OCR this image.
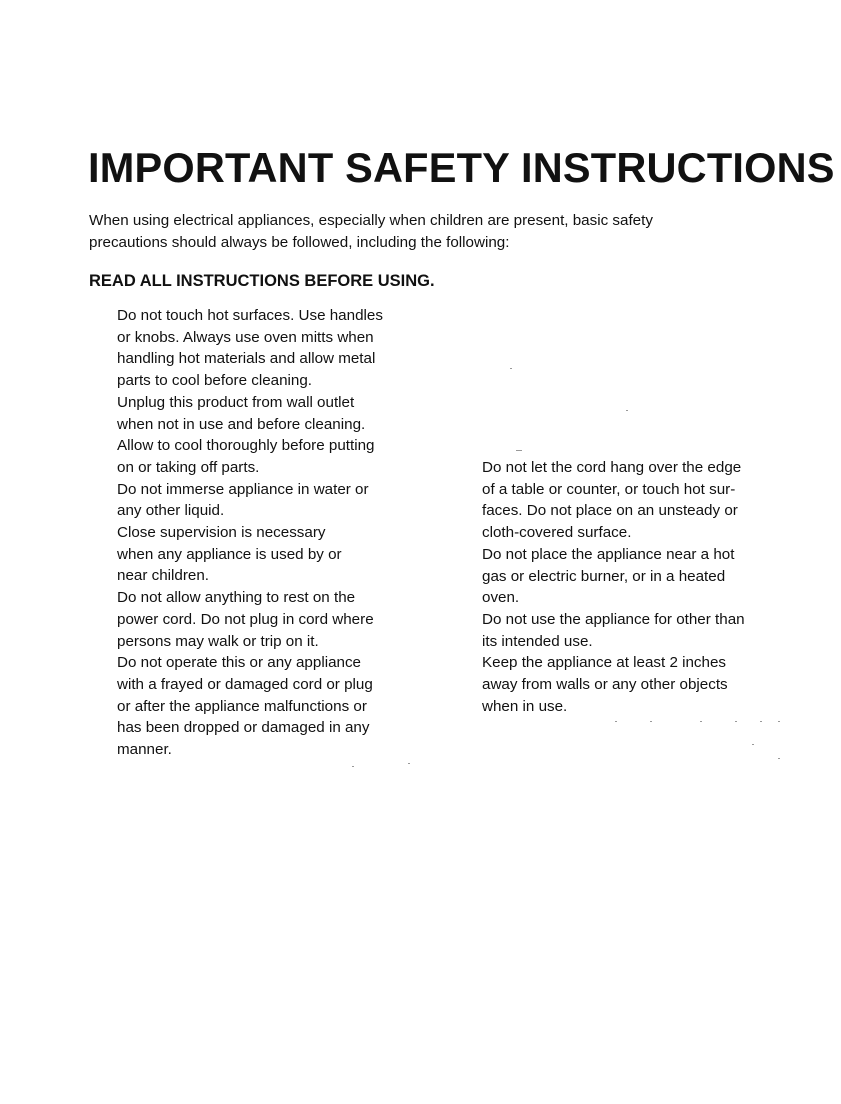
IMPORTANT SAFETY INSTRUCTIONS

When using electrical appliances, especially when children are present, basic safety
precautions should always be followed, including the following:

READ ALL INSTRUCTIONS BEFORE USING.
Do not touch hot surfaces. Use handles
or knobs. Always use oven mitts when
handling hot materials and allow metal
parts to cool before cleaning.
Unplug this product from wall outlet
when not in use and before cleaning.
Allow to cool thoroughly before putting
on or taking off parts.
Do not immerse appliance in water or
any other liquid.
Close supervision is necessary
when any appliance is used by or
near children.
Do not allow anything to rest on the
power cord. Do not plug in cord where
persons may walk or trip on it.
Do not operate this or any appliance
with a frayed or damaged cord or plug
or after the appliance malfunctions or
has been dropped or damaged in any
manner.
Do not let the cord hang over the edge
of a table or counter, or touch hot sur-
faces. Do not place on an unsteady or
cloth-covered surface.
Do not place the appliance near a hot
gas or electric burner, or in a heated
oven.
Do not use the appliance for other than
its intended use.
Keep the appliance at least 2 inches
away from walls or any other objects
when in use.
